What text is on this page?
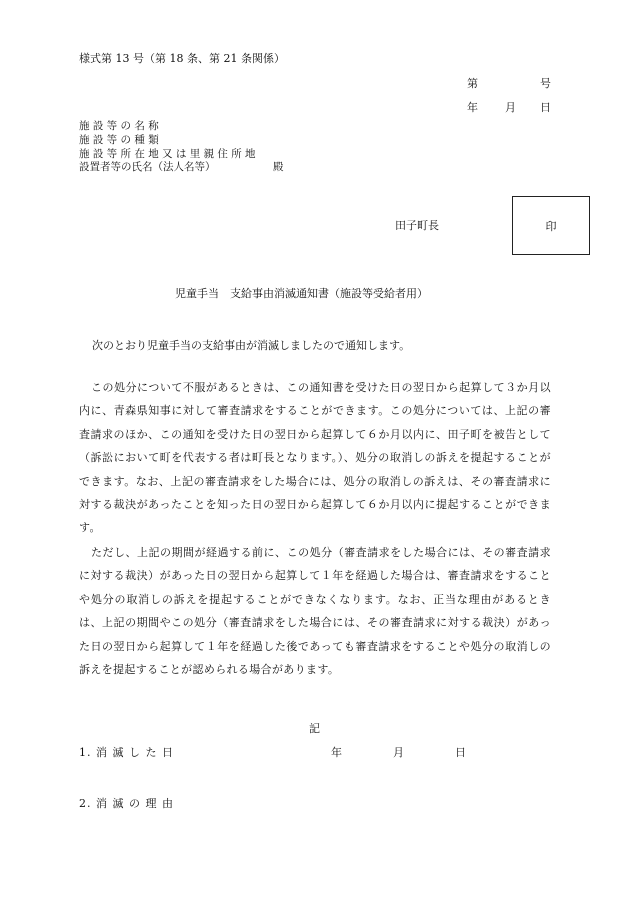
様式第 13 号（第 18 条、第 21 条関係）
第	号
年 月 日
施 設 等 の 名 称
施 設 等 の 種 類
施 設 等 所 在 地 又 は 里 親 住 所 地
設置者等の氏名（法人名等）	殿
田子町長	印
児童手当　支給事由消滅通知書（施設等受給者用）
次のとおり児童手当の支給事由が消滅しましたので通知します。

この処分について不服があるときは、この通知書を受けた日の翌日から起算して３か月以内に、青森県知事に対して審査請求をすることができます。この処分については、上記の審査請求のほか、この通知を受けた日の翌日から起算して６か月以内に、田子町を被告として（訴訟において町を代表する者は町長となります。）、処分の取消しの訴えを提起することができます。なお、上記の審査請求をした場合には、処分の取消しの訴えは、その審査請求に対する裁決があったことを知った日の翌日から起算して６か月以内に提起することができます。

ただし、上記の期間が経過する前に、この処分（審査請求をした場合には、その審査請求に対する裁決）があった日の翌日から起算して１年を経過した場合は、審査請求をすることや処分の取消しの訴えを提起することができなくなります。なお、正当な理由があるときは、上記の期間やこの処分（審査請求をした場合には、その審査請求に対する裁決）があった日の翌日から起算して１年を経過した後であっても審査請求をすることや処分の取消しの訴えを提起することが認められる場合があります。

記
1. 消 滅 し た 日	年	月	日
2. 消 滅 の 理 由
